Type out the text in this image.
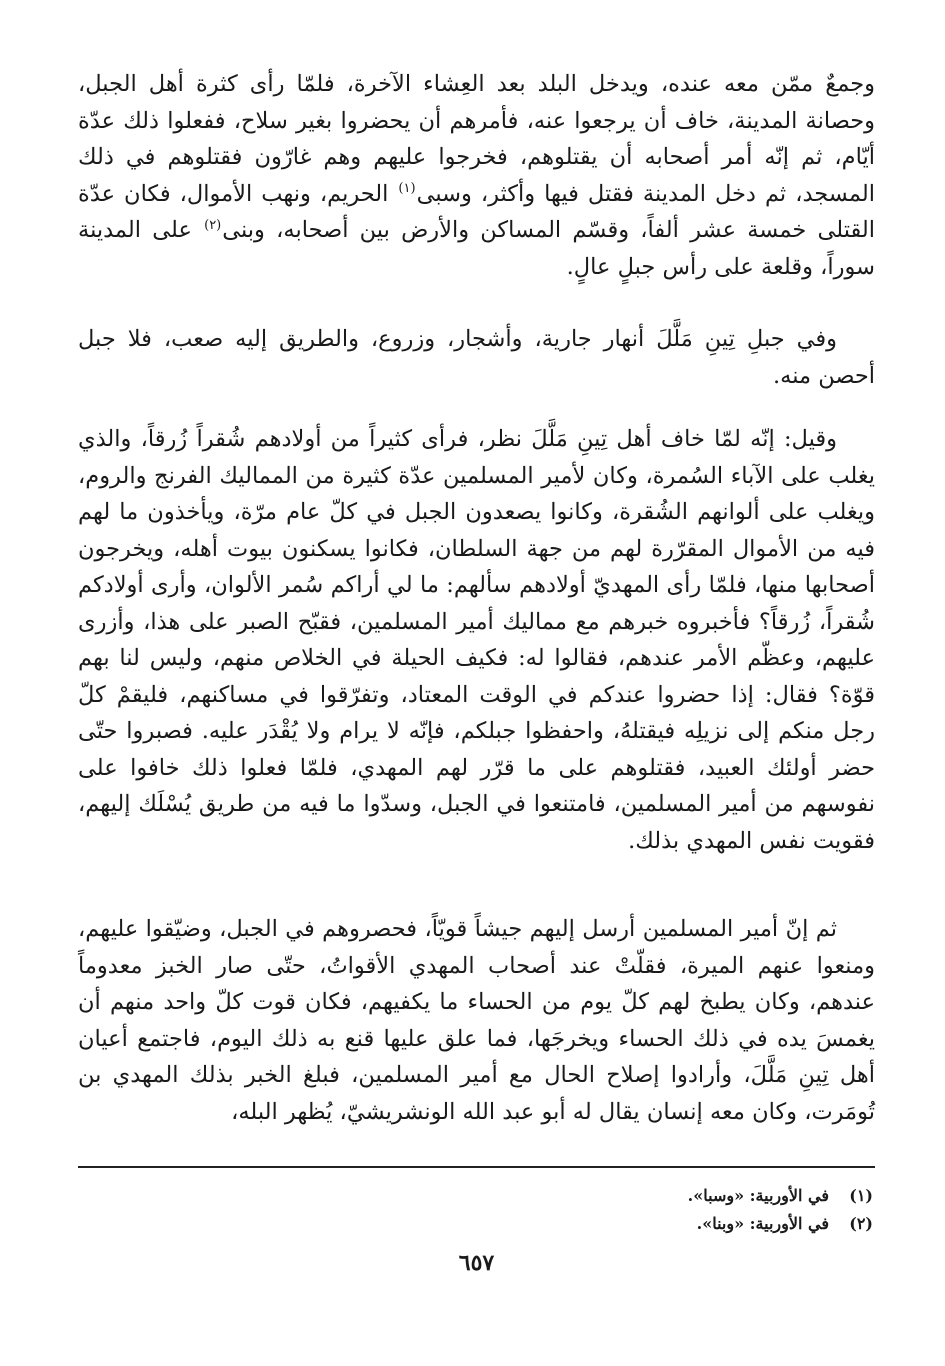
وجمعٌ ممّن معه عنده، ويدخل البلد بعد العِشاء الآخرة، فلمّا رأى كثرة أهل الجبل، وحصانة المدينة، خاف أن يرجعوا عنه، فأمرهم أن يحضروا بغير سلاح، ففعلوا ذلك عدّة أيّام، ثم إنّه أمر أصحابه أن يقتلوهم، فخرجوا عليهم وهم غارّون فقتلوهم في ذلك المسجد، ثم دخل المدينة فقتل فيها وأكثر، وسبى$^{(١)}$ الحريم، ونهب الأموال، فكان عدّة القتلى خمسة عشر ألفاً، وقسّم المساكن والأرض بين أصحابه، وبنى$^{(٢)}$ على المدينة سوراً، وقلعة على رأس جبلٍ عالٍ.

وفي جبلِ تِينِ مَلَّلَ أنهار جارية، وأشجار، وزروع، والطريق إليه صعب، فلا جبل أحصن منه.

وقيل: إنّه لمّا خاف أهل تِينِ مَلَّلَ نظر، فرأى كثيراً من أولادهم شُقراً زُرقاً، والذي يغلب على الآباء السُمرة، وكان لأمير المسلمين عدّة كثيرة من المماليك الفرنج والروم، ويغلب على ألوانهم الشُقرة، وكانوا يصعدون الجبل في كلّ عام مرّة، ويأخذون ما لهم فيه من الأموال المقرّرة لهم من جهة السلطان، فكانوا يسكنون بيوت أهله، ويخرجون أصحابها منها، فلمّا رأى المهديّ أولادهم سألهم: ما لي أراكم سُمر الألوان، وأرى أولادكم شُقراً، زُرقاً؟ فأخبروه خبرهم مع مماليك أمير المسلمين، فقبّح الصبر على هذا، وأزرى عليهم، وعظّم الأمر عندهم، فقالوا له: فكيف الحيلة في الخلاص منهم، وليس لنا بهم قوّة؟ فقال: إذا حضروا عندكم في الوقت المعتاد، وتفرّقوا في مساكنهم، فليقمْ كلّ رجل منكم إلى نزيلِه فيقتلهُ، واحفظوا جبلكم، فإنّه لا يرام ولا يُقْدَر عليه. فصبروا حتّى حضر أولئك العبيد، فقتلوهم على ما قرّر لهم المهدي، فلمّا فعلوا ذلك خافوا على نفوسهم من أمير المسلمين، فامتنعوا في الجبل، وسدّوا ما فيه من طريق يُسْلَك إليهم، فقويت نفس المهدي بذلك.

ثم إنّ أمير المسلمين أرسل إليهم جيشاً قويّاً، فحصروهم في الجبل، وضيّقوا عليهم، ومنعوا عنهم الميرة، فقلّتْ عند أصحاب المهدي الأقواتُ، حتّى صار الخبز معدوماً عندهم، وكان يطبخ لهم كلّ يوم من الحساء ما يكفيهم، فكان قوت كلّ واحد منهم أن يغمسَ يده في ذلك الحساء ويخرجَها، فما علق عليها قنع به ذلك اليوم، فاجتمع أعيان أهل تِينِ مَلَّلَ، وأرادوا إصلاح الحال مع أمير المسلمين، فبلغ الخبر بذلك المهدي بن تُومَرت، وكان معه إنسان يقال له أبو عبد الله الونشريشيّ، يُظهر البله،

(١)
في الأوربية: «وسبا».
(٢)
في الأوربية: «وبنا».
٦٥٧
